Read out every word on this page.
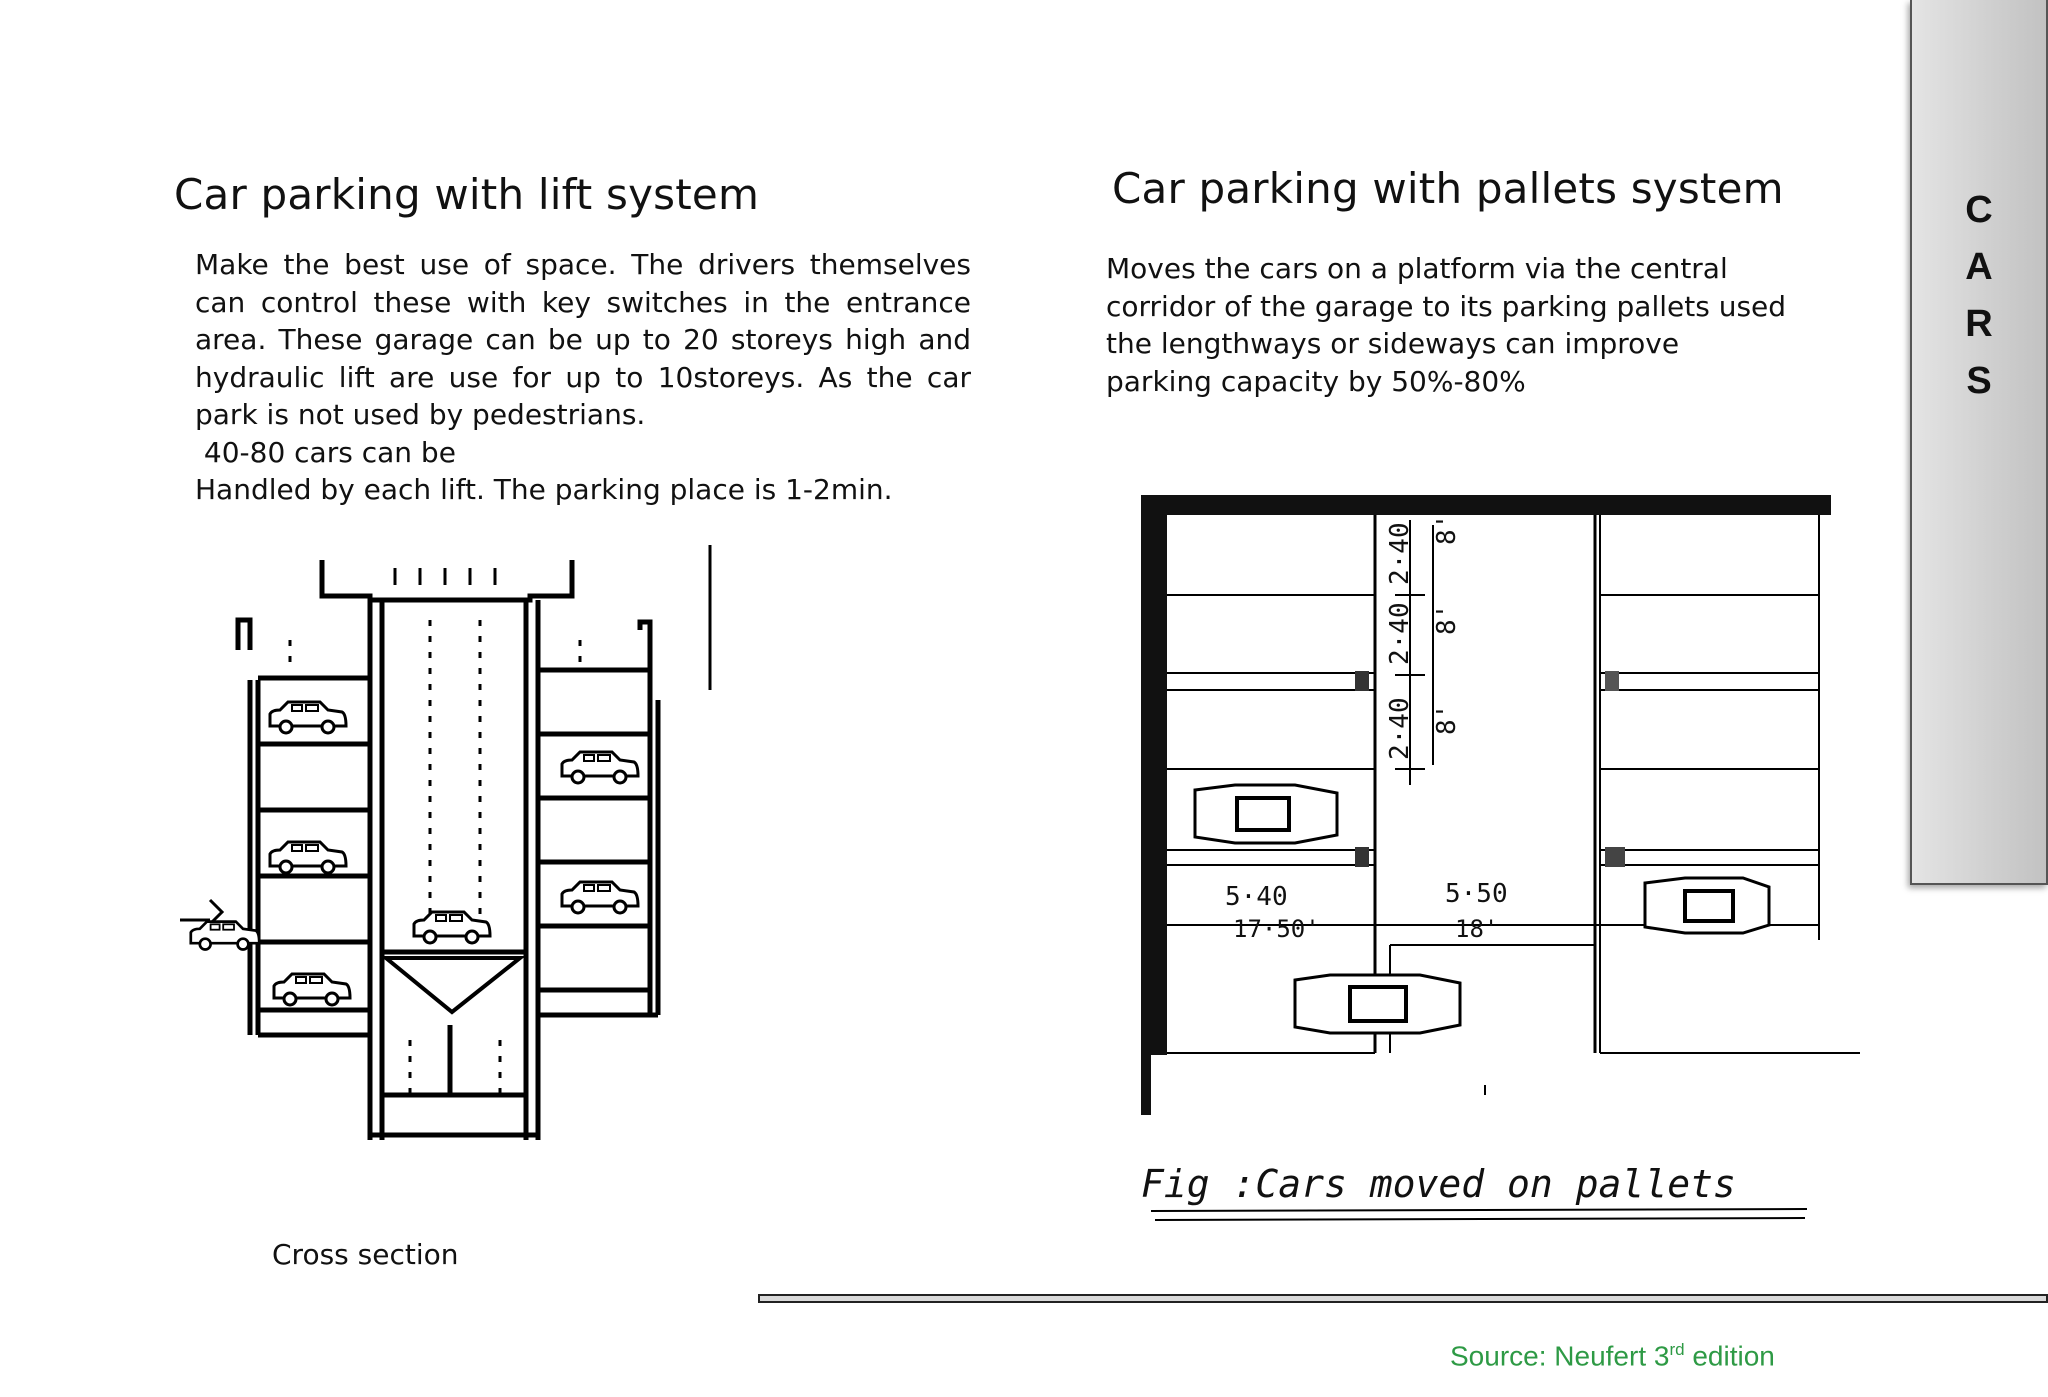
Car parking with lift system	Car parking with pallets system
Make the best use of space. The drivers themselves
can control these with key switches in the entrance
area. These garage can be up to 20 storeys high and
hydraulic lift are use for up to 10storeys. As the car
park is not used by pedestrians.
40-80 cars can be
Handled by each lift. The parking place is 1-2min.
Moves the cars on a platform via the central
corridor of the garage to its parking pallets used
the lengthways or sideways can improve
parking capacity by 50%-80%
Cross section
2·40
2·40
2·40
8'
8'
8'
5·40
17·50'
5·50
18'
Fig :Cars moved on pallets
C
A
R
S
Source: Neufert 3rd edition
